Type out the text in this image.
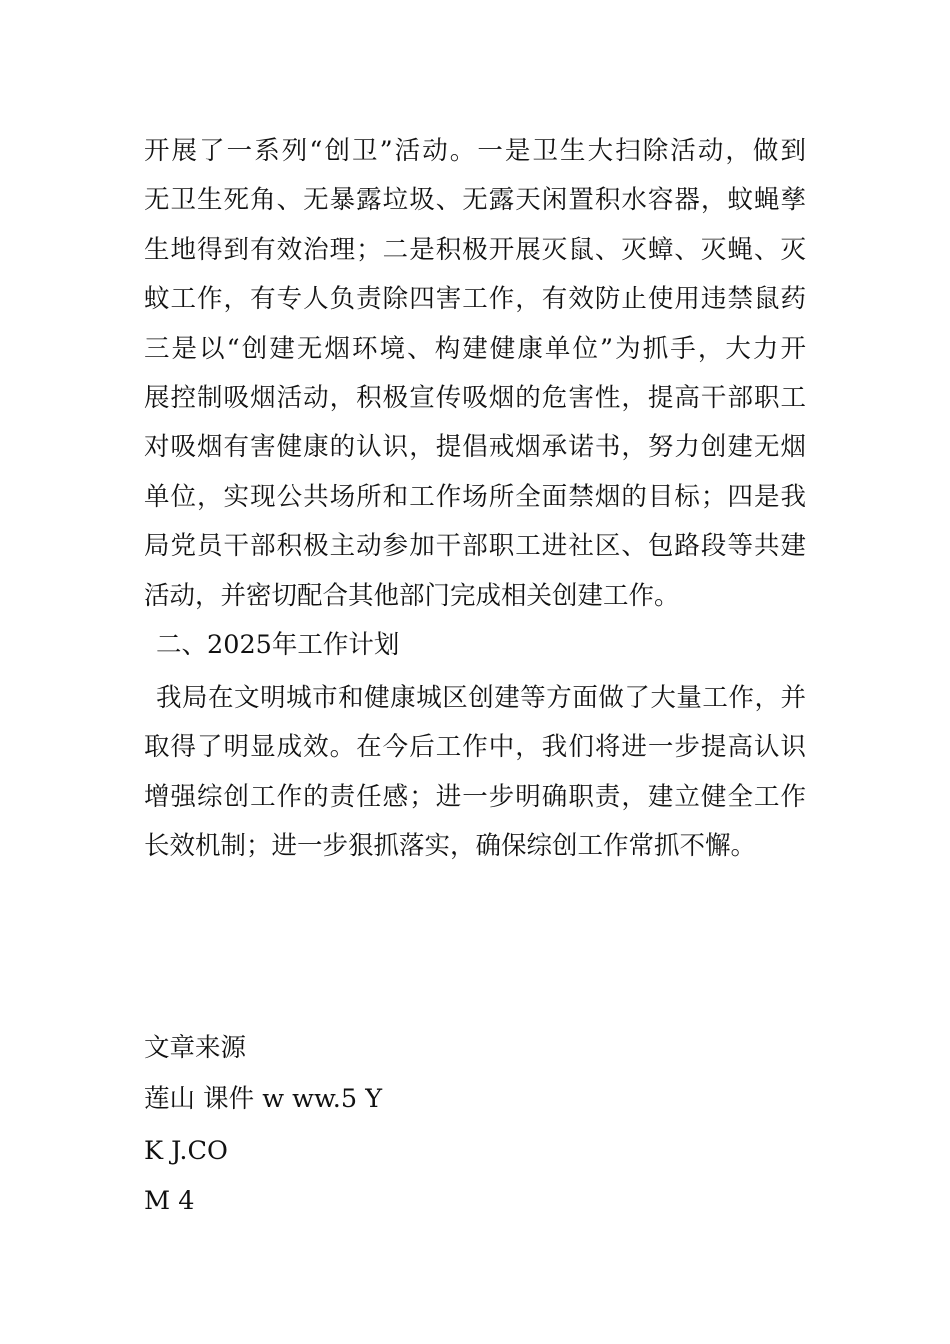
开展了一系列“创卫”活动。一是卫生大扫除活动，做到
无卫生死角、无暴露垃圾、无露天闲置积水容器，蚊蝇孳
生地得到有效治理；二是积极开展灭鼠、灭蟑、灭蝇、灭
蚊工作，有专人负责除四害工作，有效防止使用违禁鼠药
三是以“创建无烟环境、构建健康单位”为抓手，大力开
展控制吸烟活动，积极宣传吸烟的危害性，提高干部职工
对吸烟有害健康的认识，提倡戒烟承诺书，努力创建无烟
单位，实现公共场所和工作场所全面禁烟的目标；四是我
局党员干部积极主动参加干部职工进社区、包路段等共建
活动，并密切配合其他部门完成相关创建工作。
二、2025年工作计划
我局在文明城市和健康城区创建等方面做了大量工作，并
取得了明显成效。在今后工作中，我们将进一步提高认识
增强综创工作的责任感；进一步明确职责，建立健全工作
长效机制；进一步狠抓落实，确保综创工作常抓不懈。
文章来源
莲山 课件 w ww.5 Y
K J.CO
M 4
